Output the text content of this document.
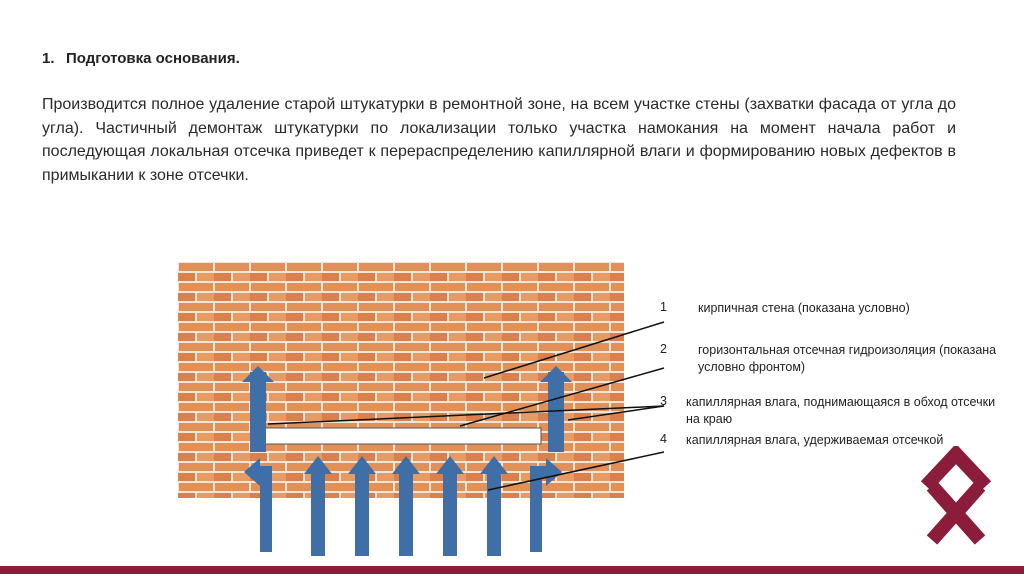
1. Подготовка основания.
Производится полное удаление старой штукатурки в ремонтной зоне, на всем участке стены (захватки фасада от угла до угла). Частичный демонтаж штукатурки по локализации только участка намокания на момент начала работ и последующая локальная отсечка приведет к перераспределению капиллярной влаги и формированию новых дефектов в примыкании к зоне отсечки.
1 кирпичная стена (показана условно)
2 горизонтальная отсечная гидроизоляция (показана условно фронтом)
3 капиллярная влага, поднимающаяся в обход отсечки на краю
4 капиллярная влага, удерживаемая отсечкой
